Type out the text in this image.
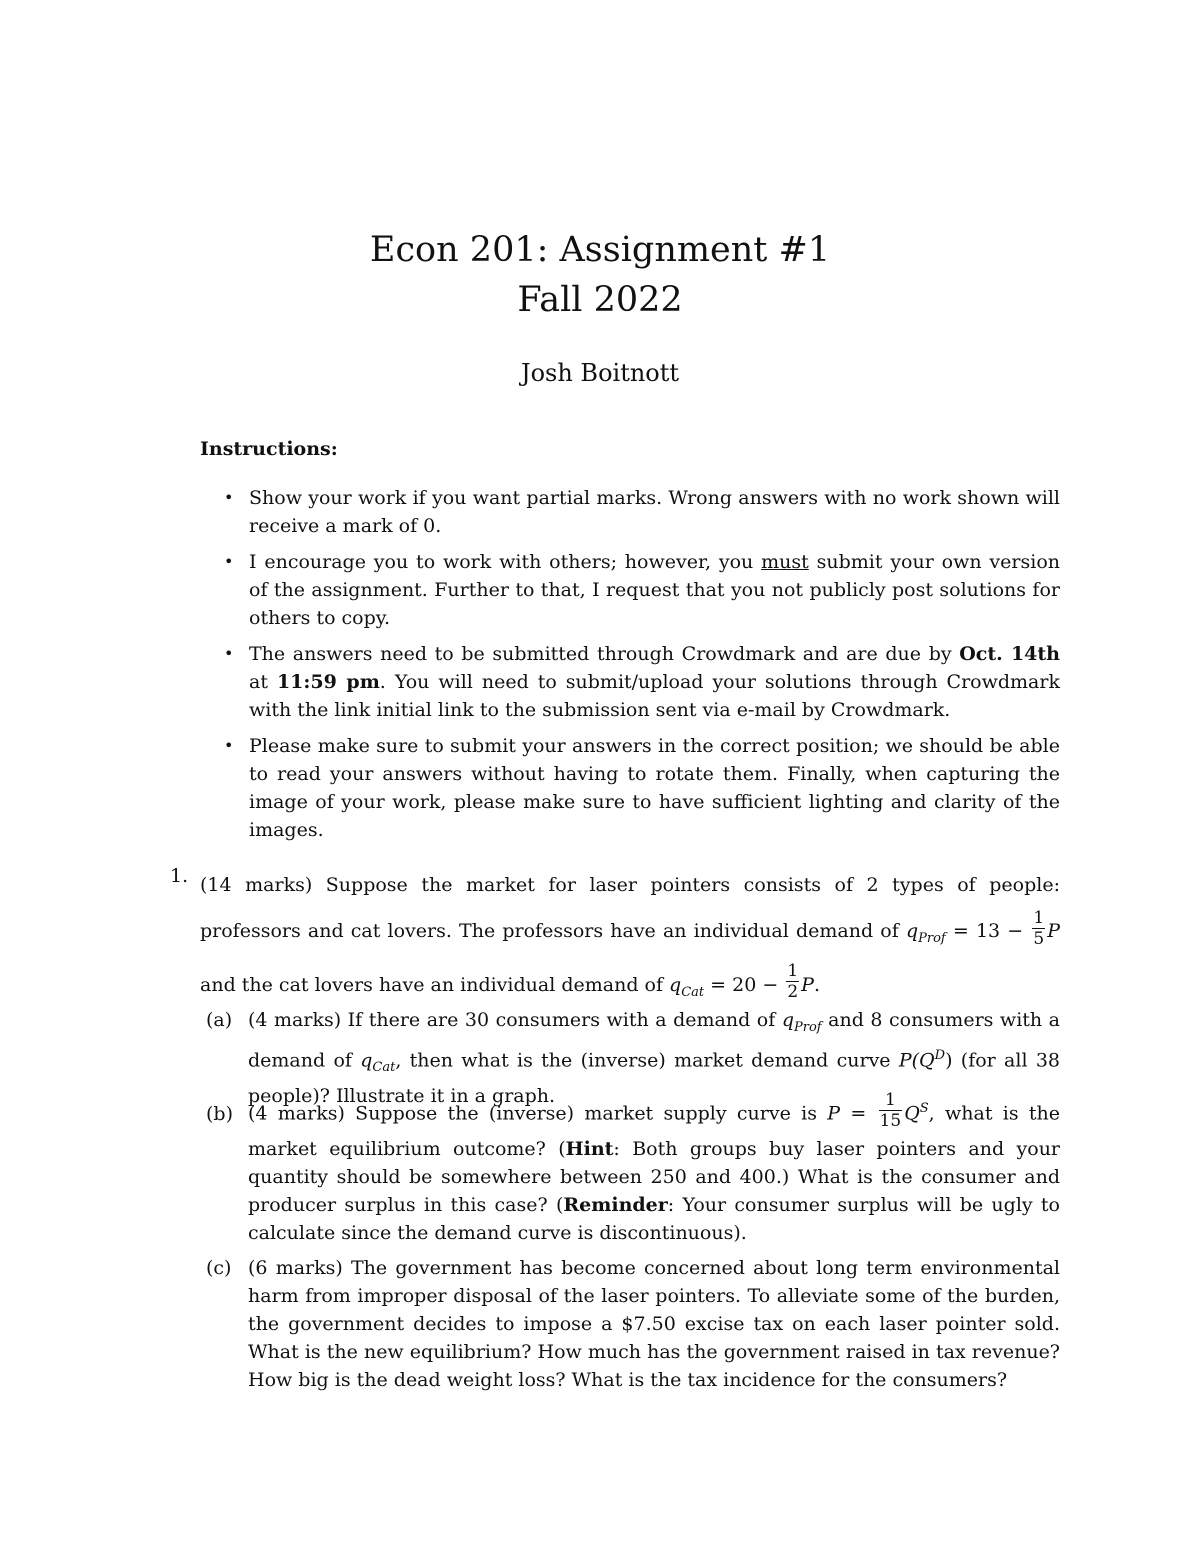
Econ 201: Assignment #1
Fall 2022
Josh Boitnott
Instructions:
• Show your work if you want partial marks. Wrong answers with no work shown will receive a mark of 0.
• I encourage you to work with others; however, you must submit your own version of the assignment. Further to that, I request that you not publicly post solutions for others to copy.
• The answers need to be submitted through Crowdmark and are due by Oct. 14th at 11:59 pm. You will need to submit/upload your solutions through Crowdmark with the link initial link to the submission sent via e-mail by Crowdmark.
• Please make sure to submit your answers in the correct position; we should be able to read your answers without having to rotate them. Finally, when capturing the image of your work, please make sure to have sufficient lighting and clarity of the images.
1. (14 marks) Suppose the market for laser pointers consists of 2 types of people: professors and cat lovers. The professors have an individual demand of $q_{Prof} = 13 - \frac{1}{5}$ P and the cat lovers have an individual demand of $q_{Cat} = 20 - \frac{1}{2} P$.
(a) (4 marks) If there are 30 consumers with a demand of $q_{Prof}$ and 8 consumers with a demand of $q_{Cat}$, then what is the (inverse) market demand curve $P(Q^D)$ (for all 38 people)? Illustrate it in a graph.
(b) (4 marks) Suppose the (inverse) market supply curve is $P = \frac{1}{15} Q^S$, what is the market equilibrium outcome? (Hint: Both groups buy laser pointers and your quantity should be somewhere between 250 and 400.) What is the consumer and producer surplus in this case? (Reminder: Your consumer surplus will be ugly to calculate since the demand curve is discontinuous).
(c) (6 marks) The government has become concerned about long term environmental harm from improper disposal of the laser pointers. To alleviate some of the burden, the government decides to impose a $7.50 excise tax on each laser pointer sold. What is the new equilibrium? How much has the government raised in tax revenue? How big is the dead weight loss? What is the tax incidence for the consumers?
